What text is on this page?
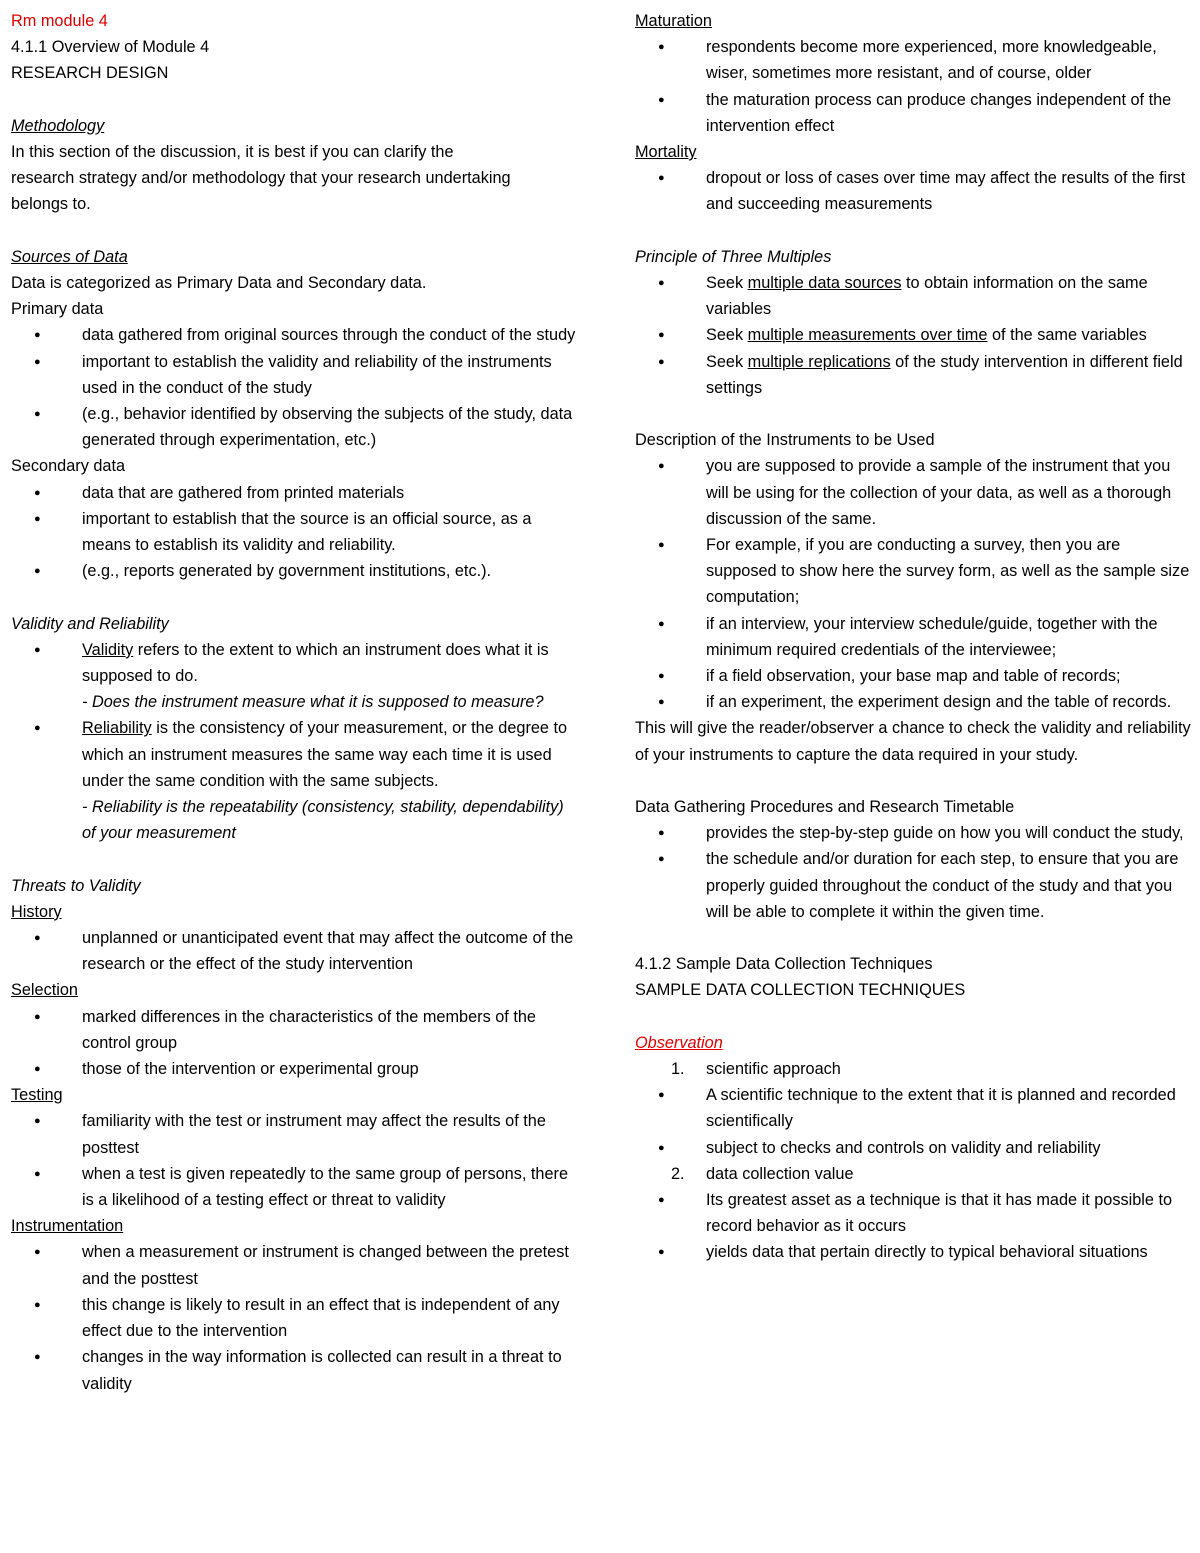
Rm module 4

4.1.1 Overview of Module 4

RESEARCH DESIGN

Methodology

In this section of the discussion, it is best if you can clarify the research strategy and/or methodology that your research undertaking belongs to.

Sources of Data

Data is categorized as Primary Data and Secondary data.

Primary data

● data gathered from original sources through the conduct of the study
● important to establish the validity and reliability of the instruments used in the conduct of the study
● (e.g., behavior identified by observing the subjects of the study, data generated through experimentation, etc.)

Secondary data

● data that are gathered from printed materials
● important to establish that the source is an official source, as a means to establish its validity and reliability.
● (e.g., reports generated by government institutions, etc.).

Validity and Reliability

● Validity refers to the extent to which an instrument does what it is supposed to do.
- Does the instrument measure what it is supposed to measure?
● Reliability is the consistency of your measurement, or the degree to which an instrument measures the same way each time it is used under the same condition with the same subjects.
- Reliability is the repeatability (consistency, stability, dependability) of your measurement

Threats to Validity

History

● unplanned or unanticipated event that may affect the outcome of the research or the effect of the study intervention

Selection

● marked differences in the characteristics of the members of the control group
● those of the intervention or experimental group

Testing

● familiarity with the test or instrument may affect the results of the posttest
● when a test is given repeatedly to the same group of persons, there is a likelihood of a testing effect or threat to validity

Instrumentation

● when a measurement or instrument is changed between the pretest and the posttest
● this change is likely to result in an effect that is independent of any effect due to the intervention
● changes in the way information is collected can result in a threat to validity

Maturation

● respondents become more experienced, more knowledgeable, wiser, sometimes more resistant, and of course, older
● the maturation process can produce changes independent of the intervention effect

Mortality

● dropout or loss of cases over time may affect the results of the first and succeeding measurements

Principle of Three Multiples

● Seek multiple data sources to obtain information on the same variables
● Seek multiple measurements over time of the same variables
● Seek multiple replications of the study intervention in different field settings

Description of the Instruments to be Used

● you are supposed to provide a sample of the instrument that you will be using for the collection of your data, as well as a thorough discussion of the same.
● For example, if you are conducting a survey, then you are supposed to show here the survey form, as well as the sample size computation;
● if an interview, your interview schedule/guide, together with the minimum required credentials of the interviewee;
● if a field observation, your base map and table of records;
● if an experiment, the experiment design and the table of records.

This will give the reader/observer a chance to check the validity and reliability of your instruments to capture the data required in your study.

Data Gathering Procedures and Research Timetable

● provides the step-by-step guide on how you will conduct the study,
● the schedule and/or duration for each step, to ensure that you are properly guided throughout the conduct of the study and that you will be able to complete it within the given time.

4.1.2 Sample Data Collection Techniques

SAMPLE DATA COLLECTION TECHNIQUES

Observation

1. scientific approach
● A scientific technique to the extent that it is planned and recorded scientifically
● subject to checks and controls on validity and reliability
2. data collection value
● Its greatest asset as a technique is that it has made it possible to record behavior as it occurs
● yields data that pertain directly to typical behavioral situations
